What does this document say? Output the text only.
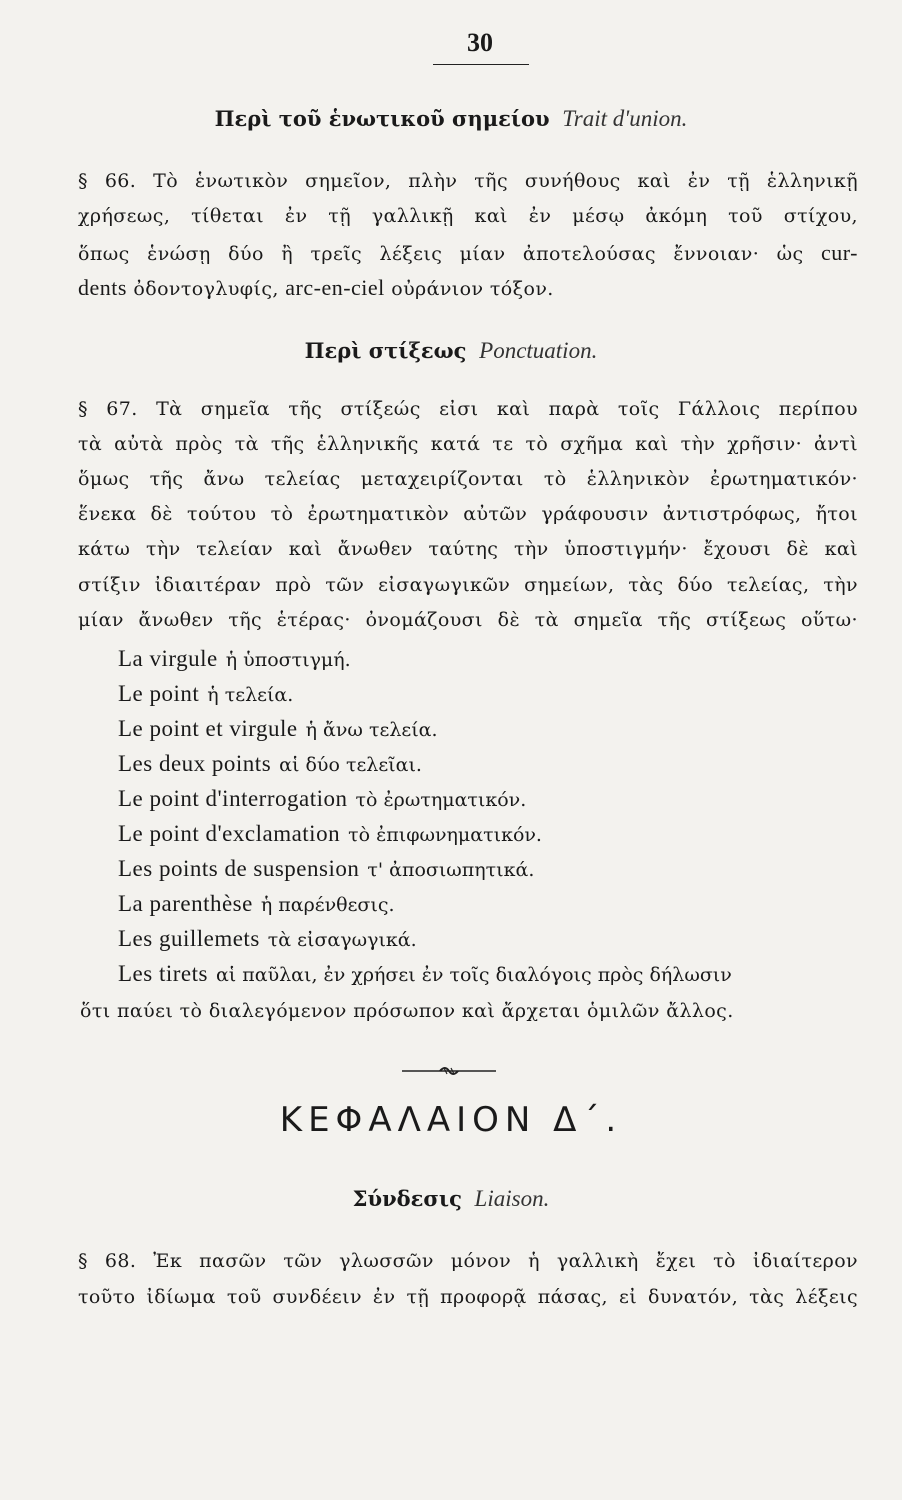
30
Περὶ τοῦ ἑνωτικοῦ σημείου Trait d'union.
§ 66. Τὸ ἑνωτικὸν σημεῖον, πλὴν τῆς συνήθους καὶ ἐν τῇ ἑλληνικῇ
χρήσεως, τίθεται ἐν τῇ γαλλικῇ καὶ ἐν μέσῳ ἀκόμη τοῦ στίχου,
ὅπως ἑνώσῃ δύο ἢ τρεῖς λέξεις μίαν ἀποτελούσας ἔννοιαν· ὡς cur-
dents ὀδοντογλυφίς, arc-en-ciel οὐράνιον τόξον.
Περὶ στίξεως Ponctuation.
§ 67. Τὰ σημεῖα τῆς στίξεώς εἰσι καὶ παρὰ τοῖς Γάλλοις περίπου
τὰ αὐτὰ πρὸς τὰ τῆς ἑλληνικῆς κατά τε τὸ σχῆμα καὶ τὴν χρῆσιν· ἀντὶ
ὅμως τῆς ἄνω τελείας μεταχειρίζονται τὸ ἑλληνικὸν ἐρωτηματικόν·
ἕνεκα δὲ τούτου τὸ ἐρωτηματικὸν αὐτῶν γράφουσιν ἀντιστρόφως, ἤτοι
κάτω τὴν τελείαν καὶ ἄνωθεν ταύτης τὴν ὑποστιγμήν· ἔχουσι δὲ καὶ
στίξιν ἰδιαιτέραν πρὸ τῶν εἰσαγωγικῶν σημείων, τὰς δύο τελείας, τὴν
μίαν ἄνωθεν τῆς ἑτέρας· ὀνομάζουσι δὲ τὰ σημεῖα τῆς στίξεως οὕτω·
La virgule ἡ ὑποστιγμή.
Le point ἡ τελεία.
Le point et virgule ἡ ἄνω τελεία.
Les deux points αἱ δύο τελεῖαι.
Le point d'interrogation τὸ ἐρωτηματικόν.
Le point d'exclamation τὸ ἐπιφωνηματικόν.
Les points de suspension τ' ἀποσιωπητικά.
La parenthèse ἡ παρένθεσις.
Les guillemets τὰ εἰσαγωγικά.
Les tirets αἱ παῦλαι, ἐν χρήσει ἐν τοῖς διαλόγοις πρὸς δήλωσιν
ὅτι παύει τὸ διαλεγόμενον πρόσωπον καὶ ἄρχεται ὁμιλῶν ἄλλος.
ΚΕΦΑΛΑΙΟΝ Δ΄.
Σύνδεσις Liaison.
§ 68. Ἐκ πασῶν τῶν γλωσσῶν μόνον ἡ γαλλικὴ ἔχει τὸ ἰδιαίτερον
τοῦτο ἰδίωμα τοῦ συνδέειν ἐν τῇ προφορᾷ πάσας, εἰ δυνατόν, τὰς λέξεις
